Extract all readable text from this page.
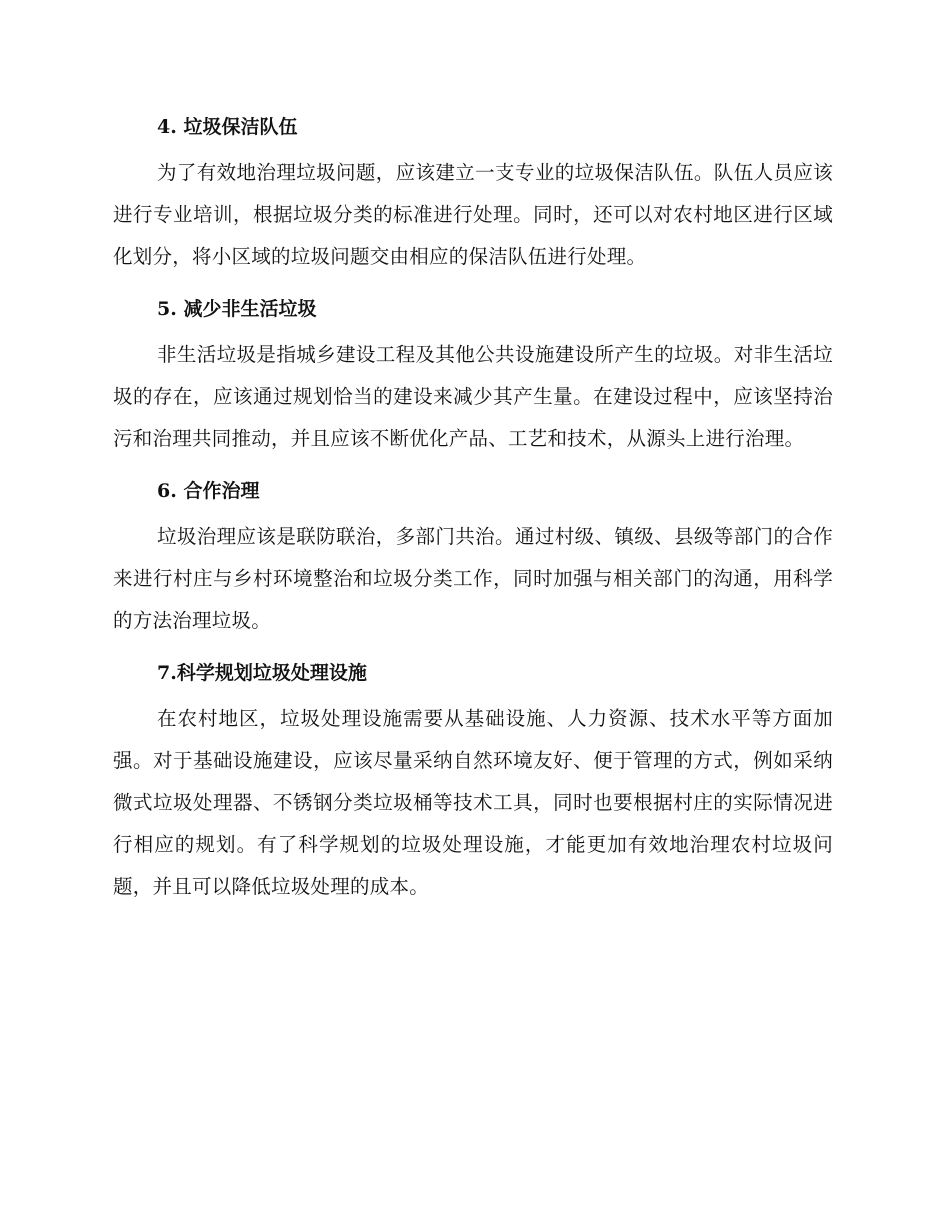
4. 垃圾保洁队伍

为了有效地治理垃圾问题，应该建立一支专业的垃圾保洁队伍。队伍人员应该进行专业培训，根据垃圾分类的标准进行处理。同时，还可以对农村地区进行区域化划分，将小区域的垃圾问题交由相应的保洁队伍进行处理。

5. 减少非生活垃圾

非生活垃圾是指城乡建设工程及其他公共设施建设所产生的垃圾。对非生活垃圾的存在，应该通过规划恰当的建设来减少其产生量。在建设过程中，应该坚持治污和治理共同推动，并且应该不断优化产品、工艺和技术，从源头上进行治理。

6. 合作治理

垃圾治理应该是联防联治，多部门共治。通过村级、镇级、县级等部门的合作来进行村庄与乡村环境整治和垃圾分类工作，同时加强与相关部门的沟通，用科学的方法治理垃圾。

7.科学规划垃圾处理设施

在农村地区，垃圾处理设施需要从基础设施、人力资源、技术水平等方面加强。对于基础设施建设，应该尽量采纳自然环境友好、便于管理的方式，例如采纳微式垃圾处理器、不锈钢分类垃圾桶等技术工具，同时也要根据村庄的实际情况进行相应的规划。有了科学规划的垃圾处理设施，才能更加有效地治理农村垃圾问题，并且可以降低垃圾处理的成本。
